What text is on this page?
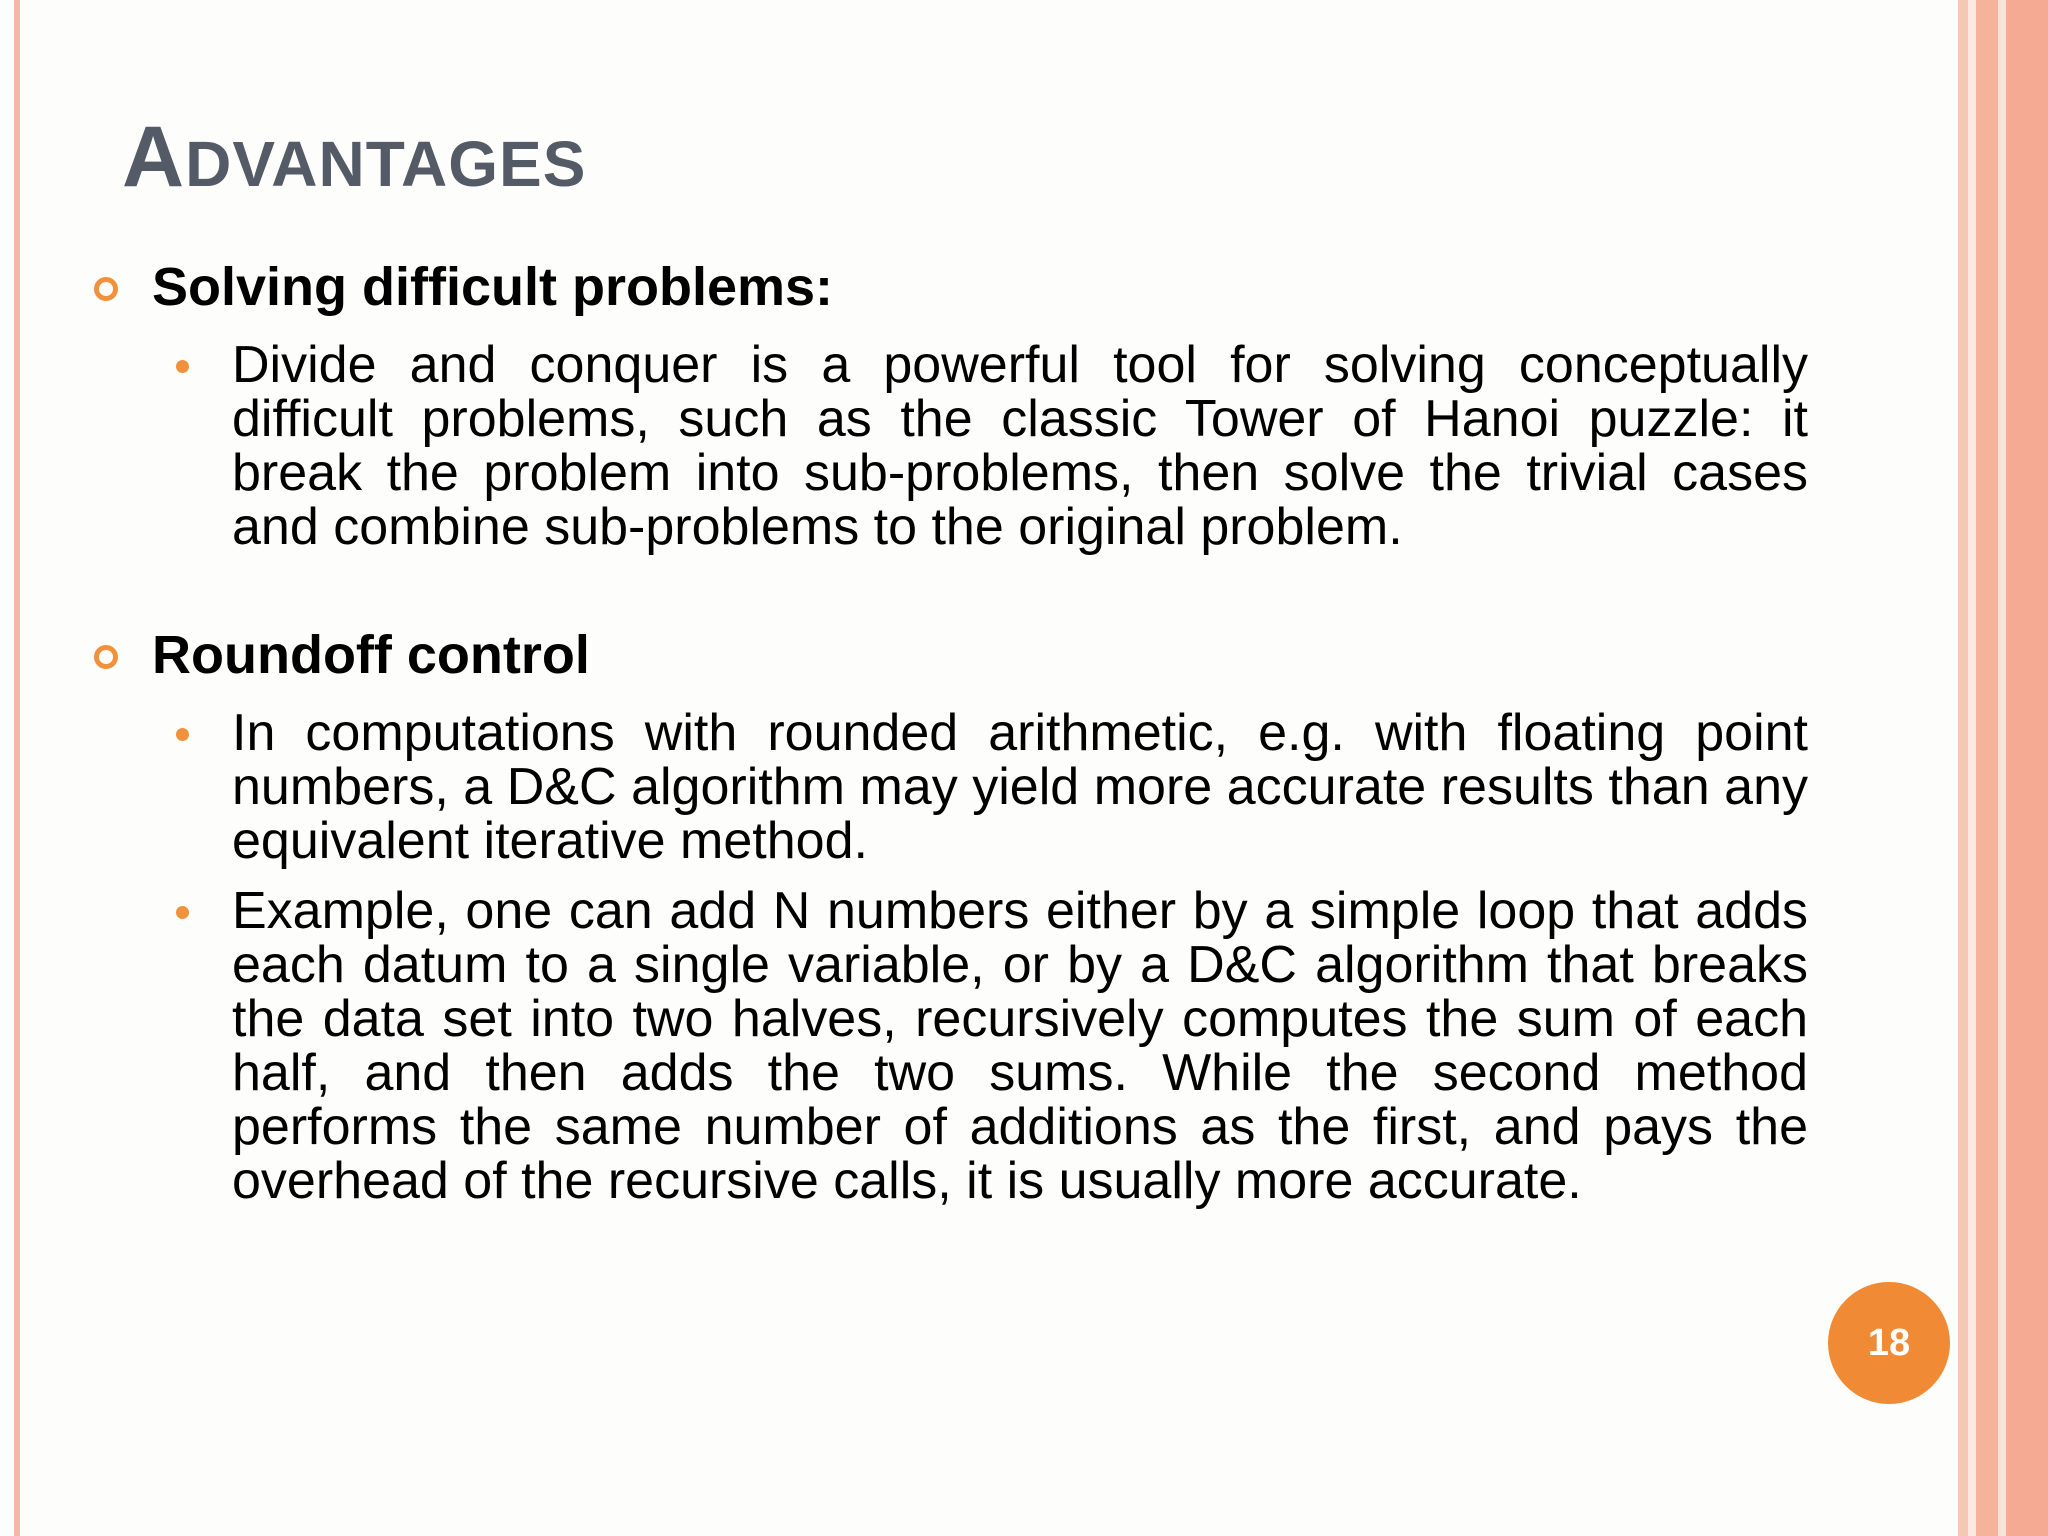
ADVANTAGES
Solving difficult problems:
Divide and conquer is a powerful tool for solving conceptually difficult problems, such as the classic Tower of Hanoi puzzle: it break the problem into sub-problems, then solve the trivial cases and combine sub-problems to the original problem.
Roundoff control
In computations with rounded arithmetic, e.g. with floating point numbers, a D&C algorithm may yield more accurate results than any equivalent iterative method.
Example, one can add N numbers either by a simple loop that adds each datum to a single variable, or by a D&C algorithm that breaks the data set into two halves, recursively computes the sum of each half, and then adds the two sums. While the second method performs the same number of additions as the first, and pays the overhead of the recursive calls, it is usually more accurate.
18
